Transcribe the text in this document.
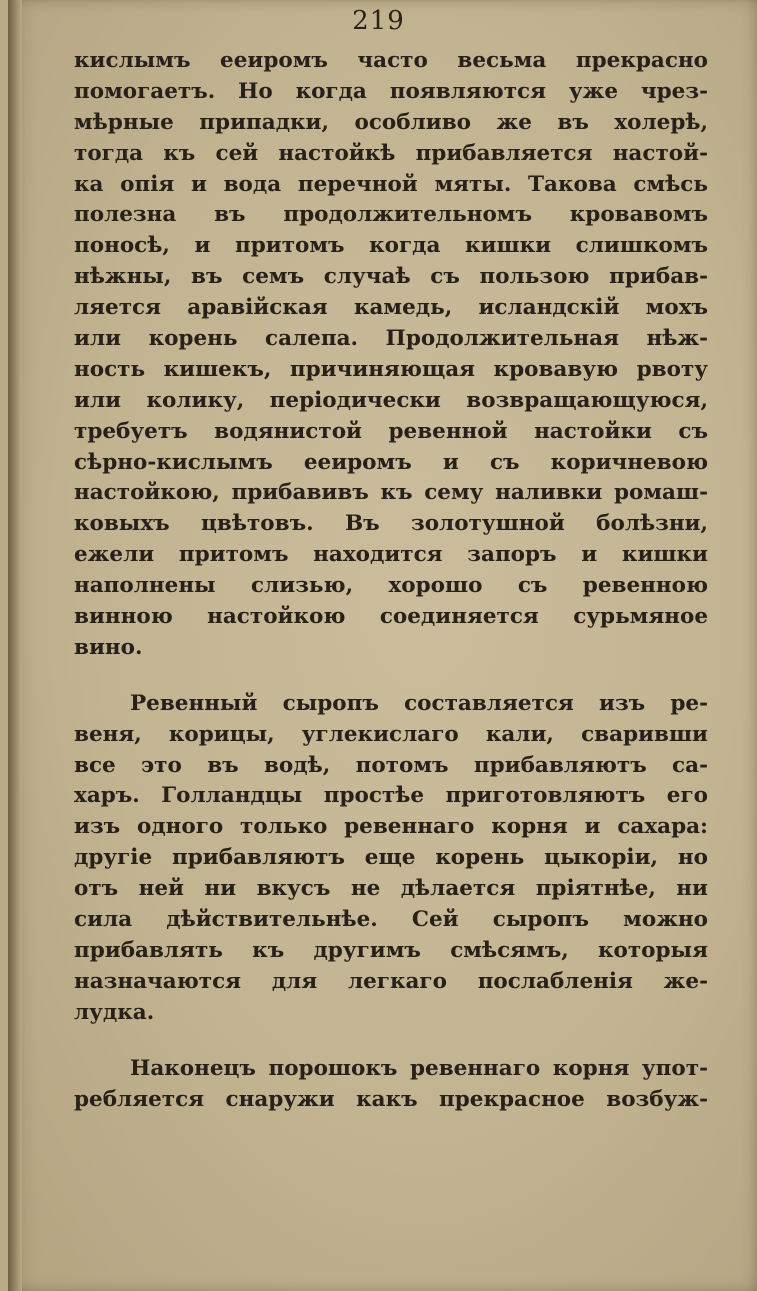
219
кислымъ ееиромъ часто весьма прекрасно
помогаетъ. Но когда появляются уже чрез-
мѣрные припадки, особливо же въ холерѣ,
тогда къ сей настойкѣ прибавляется настой-
ка опія и вода перечной мяты. Такова смѣсь
полезна въ продолжительномъ кровавомъ
поносѣ, и притомъ когда кишки слишкомъ
нѣжны, въ семъ случаѣ съ пользою прибав-
ляется аравійская камедь, исландскій мохъ
или корень салепа. Продолжительная нѣж-
ность кишекъ, причиняющая кровавую рвоту
или колику, періодически возвращающуюся,
требуетъ водянистой ревенной настойки съ
сѣрно-кислымъ ееиромъ и съ коричневою
настойкою, прибавивъ къ сему наливки ромаш-
ковыхъ цвѣтовъ. Въ золотушной болѣзни,
ежели притомъ находится запоръ и кишки
наполнены слизью, хорошо съ ревенною
винною настойкою соединяется сурьмяное
вино.
Ревенный сыропъ составляется изъ ре-
веня, корицы, углекислаго кали, сваривши
все это въ водѣ, потомъ прибавляютъ са-
харъ. Голландцы простѣе приготовляютъ его
изъ одного только ревеннаго корня и сахара:
другіе прибавляютъ еще корень цыкоріи, но
отъ ней ни вкусъ не дѣлается пріятнѣе, ни
сила дѣйствительнѣе. Сей сыропъ можно
прибавлять къ другимъ смѣсямъ, которыя
назначаются для легкаго послабленія же-
лудка.
Наконецъ порошокъ ревеннаго корня упот-
ребляется снаружи какъ прекрасное возбуж-
